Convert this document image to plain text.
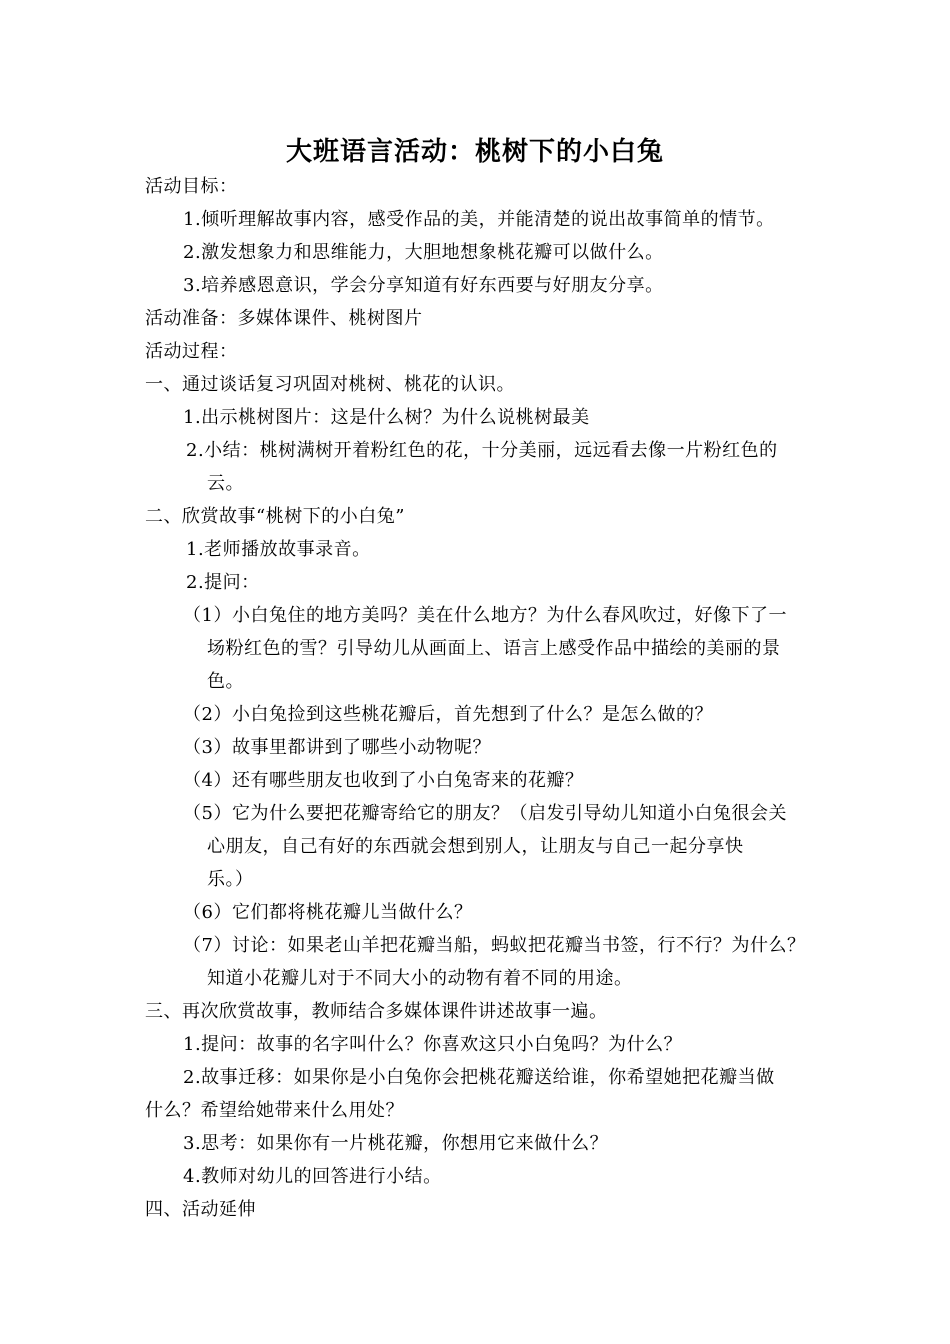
大班语言活动：桃树下的小白兔
活动目标：
1.倾听理解故事内容，感受作品的美，并能清楚的说出故事简单的情节。
2.激发想象力和思维能力，大胆地想象桃花瓣可以做什么。
3.培养感恩意识，学会分享知道有好东西要与好朋友分享。
活动准备：多媒体课件、桃树图片
活动过程：
一、通过谈话复习巩固对桃树、桃花的认识。
1.出示桃树图片：这是什么树？为什么说桃树最美
2.小结：桃树满树开着粉红色的花，十分美丽，远远看去像一片粉红色的
云。
二、欣赏故事“桃树下的小白兔”
1.老师播放故事录音。
2.提问：
（1）小白兔住的地方美吗？美在什么地方？为什么春风吹过，好像下了一
场粉红色的雪？引导幼儿从画面上、语言上感受作品中描绘的美丽的景
色。
（2）小白兔捡到这些桃花瓣后，首先想到了什么？是怎么做的？
（3）故事里都讲到了哪些小动物呢？
（4）还有哪些朋友也收到了小白兔寄来的花瓣？
（5）它为什么要把花瓣寄给它的朋友？（启发引导幼儿知道小白兔很会关
心朋友，自己有好的东西就会想到别人，让朋友与自己一起分享快
乐。）
（6）它们都将桃花瓣儿当做什么？
（7）讨论：如果老山羊把花瓣当船，蚂蚁把花瓣当书签，行不行？为什么？
知道小花瓣儿对于不同大小的动物有着不同的用途。
三、再次欣赏故事，教师结合多媒体课件讲述故事一遍。
1.提问：故事的名字叫什么？你喜欢这只小白兔吗？为什么？
2.故事迁移：如果你是小白兔你会把桃花瓣送给谁，你希望她把花瓣当做
什么？希望给她带来什么用处？
3.思考：如果你有一片桃花瓣，你想用它来做什么？
4.教师对幼儿的回答进行小结。
四、活动延伸
